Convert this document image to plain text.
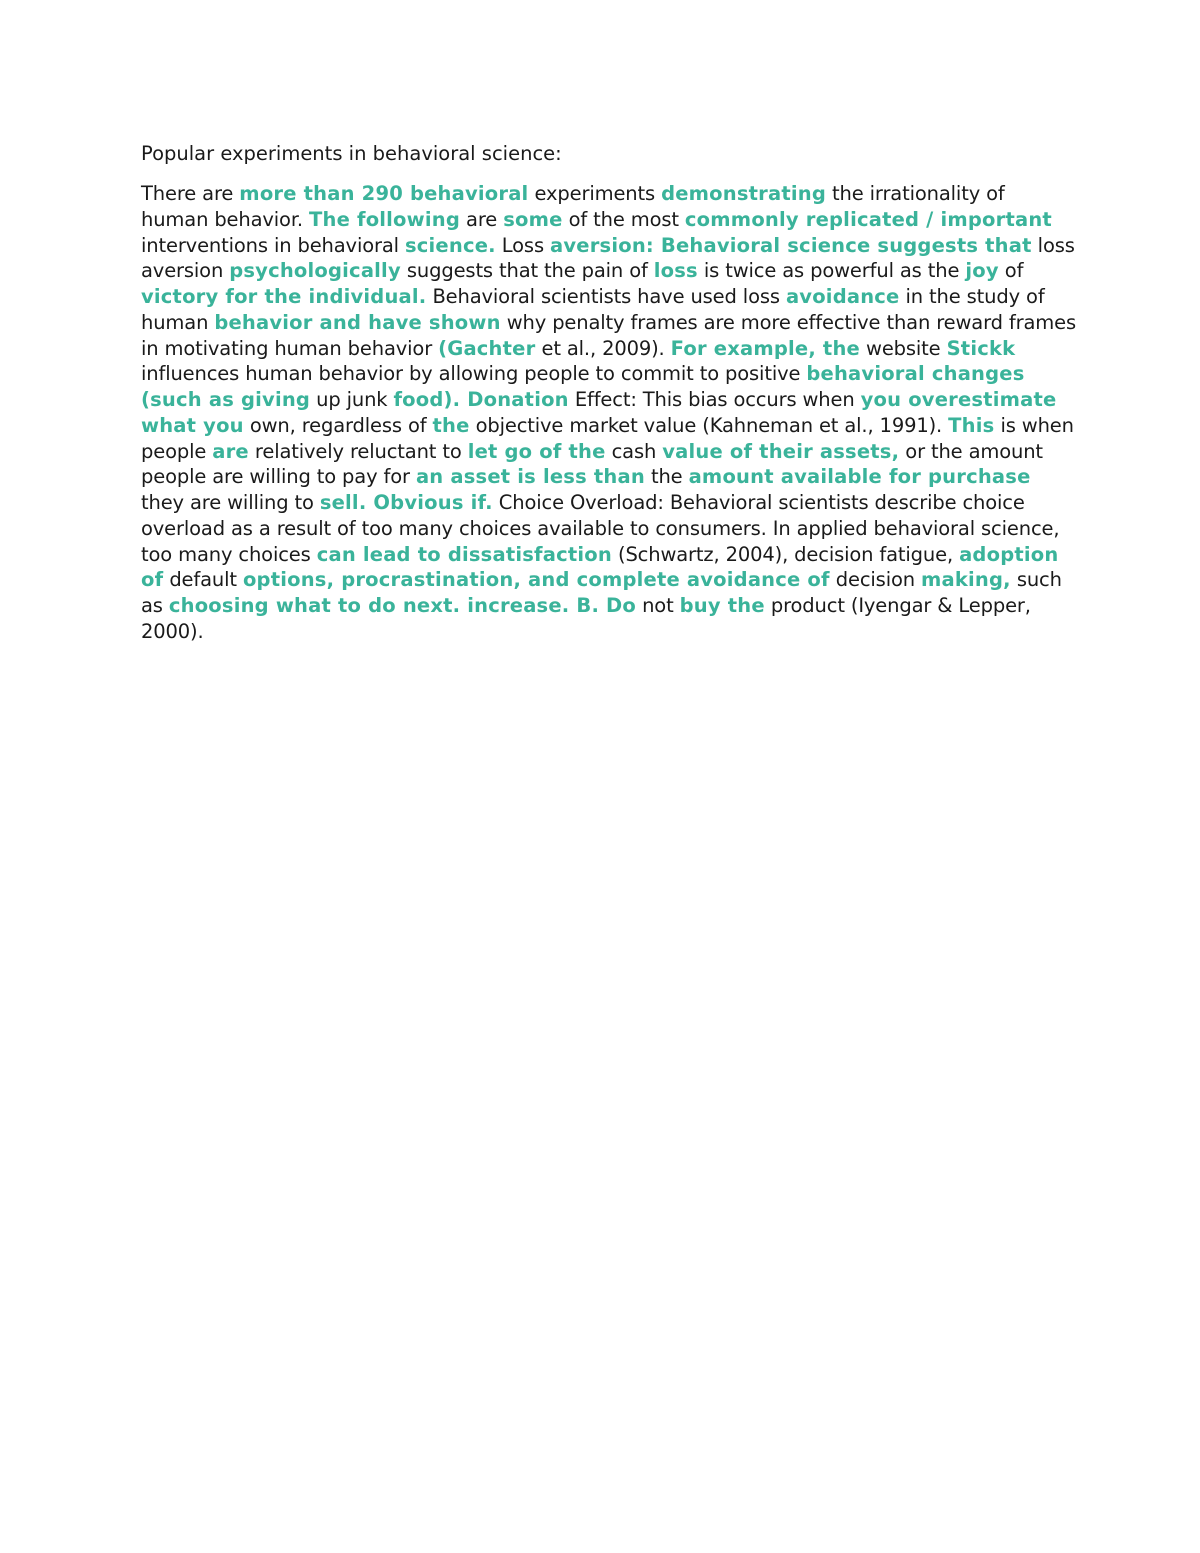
Popular experiments in behavioral science:

There are more than 290 behavioral experiments demonstrating the irrationality of human behavior. The following are some of the most commonly replicated / important interventions in behavioral science. Loss aversion: Behavioral science suggests that loss aversion psychologically suggests that the pain of loss is twice as powerful as the joy of victory for the individual. Behavioral scientists have used loss avoidance in the study of human behavior and have shown why penalty frames are more effective than reward frames in motivating human behavior (Gachter et al., 2009). For example, the website Stickk influences human behavior by allowing people to commit to positive behavioral changes (such as giving up junk food). Donation Effect: This bias occurs when you overestimate what you own, regardless of the objective market value (Kahneman et al., 1991). This is when people are relatively reluctant to let go of the cash value of their assets, or the amount people are willing to pay for an asset is less than the amount available for purchase they are willing to sell. Obvious if. Choice Overload: Behavioral scientists describe choice overload as a result of too many choices available to consumers. In applied behavioral science, too many choices can lead to dissatisfaction (Schwartz, 2004), decision fatigue, adoption of default options, procrastination, and complete avoidance of decision making, such as choosing what to do next. increase. B. Do not buy the product (Iyengar & Lepper, 2000).
